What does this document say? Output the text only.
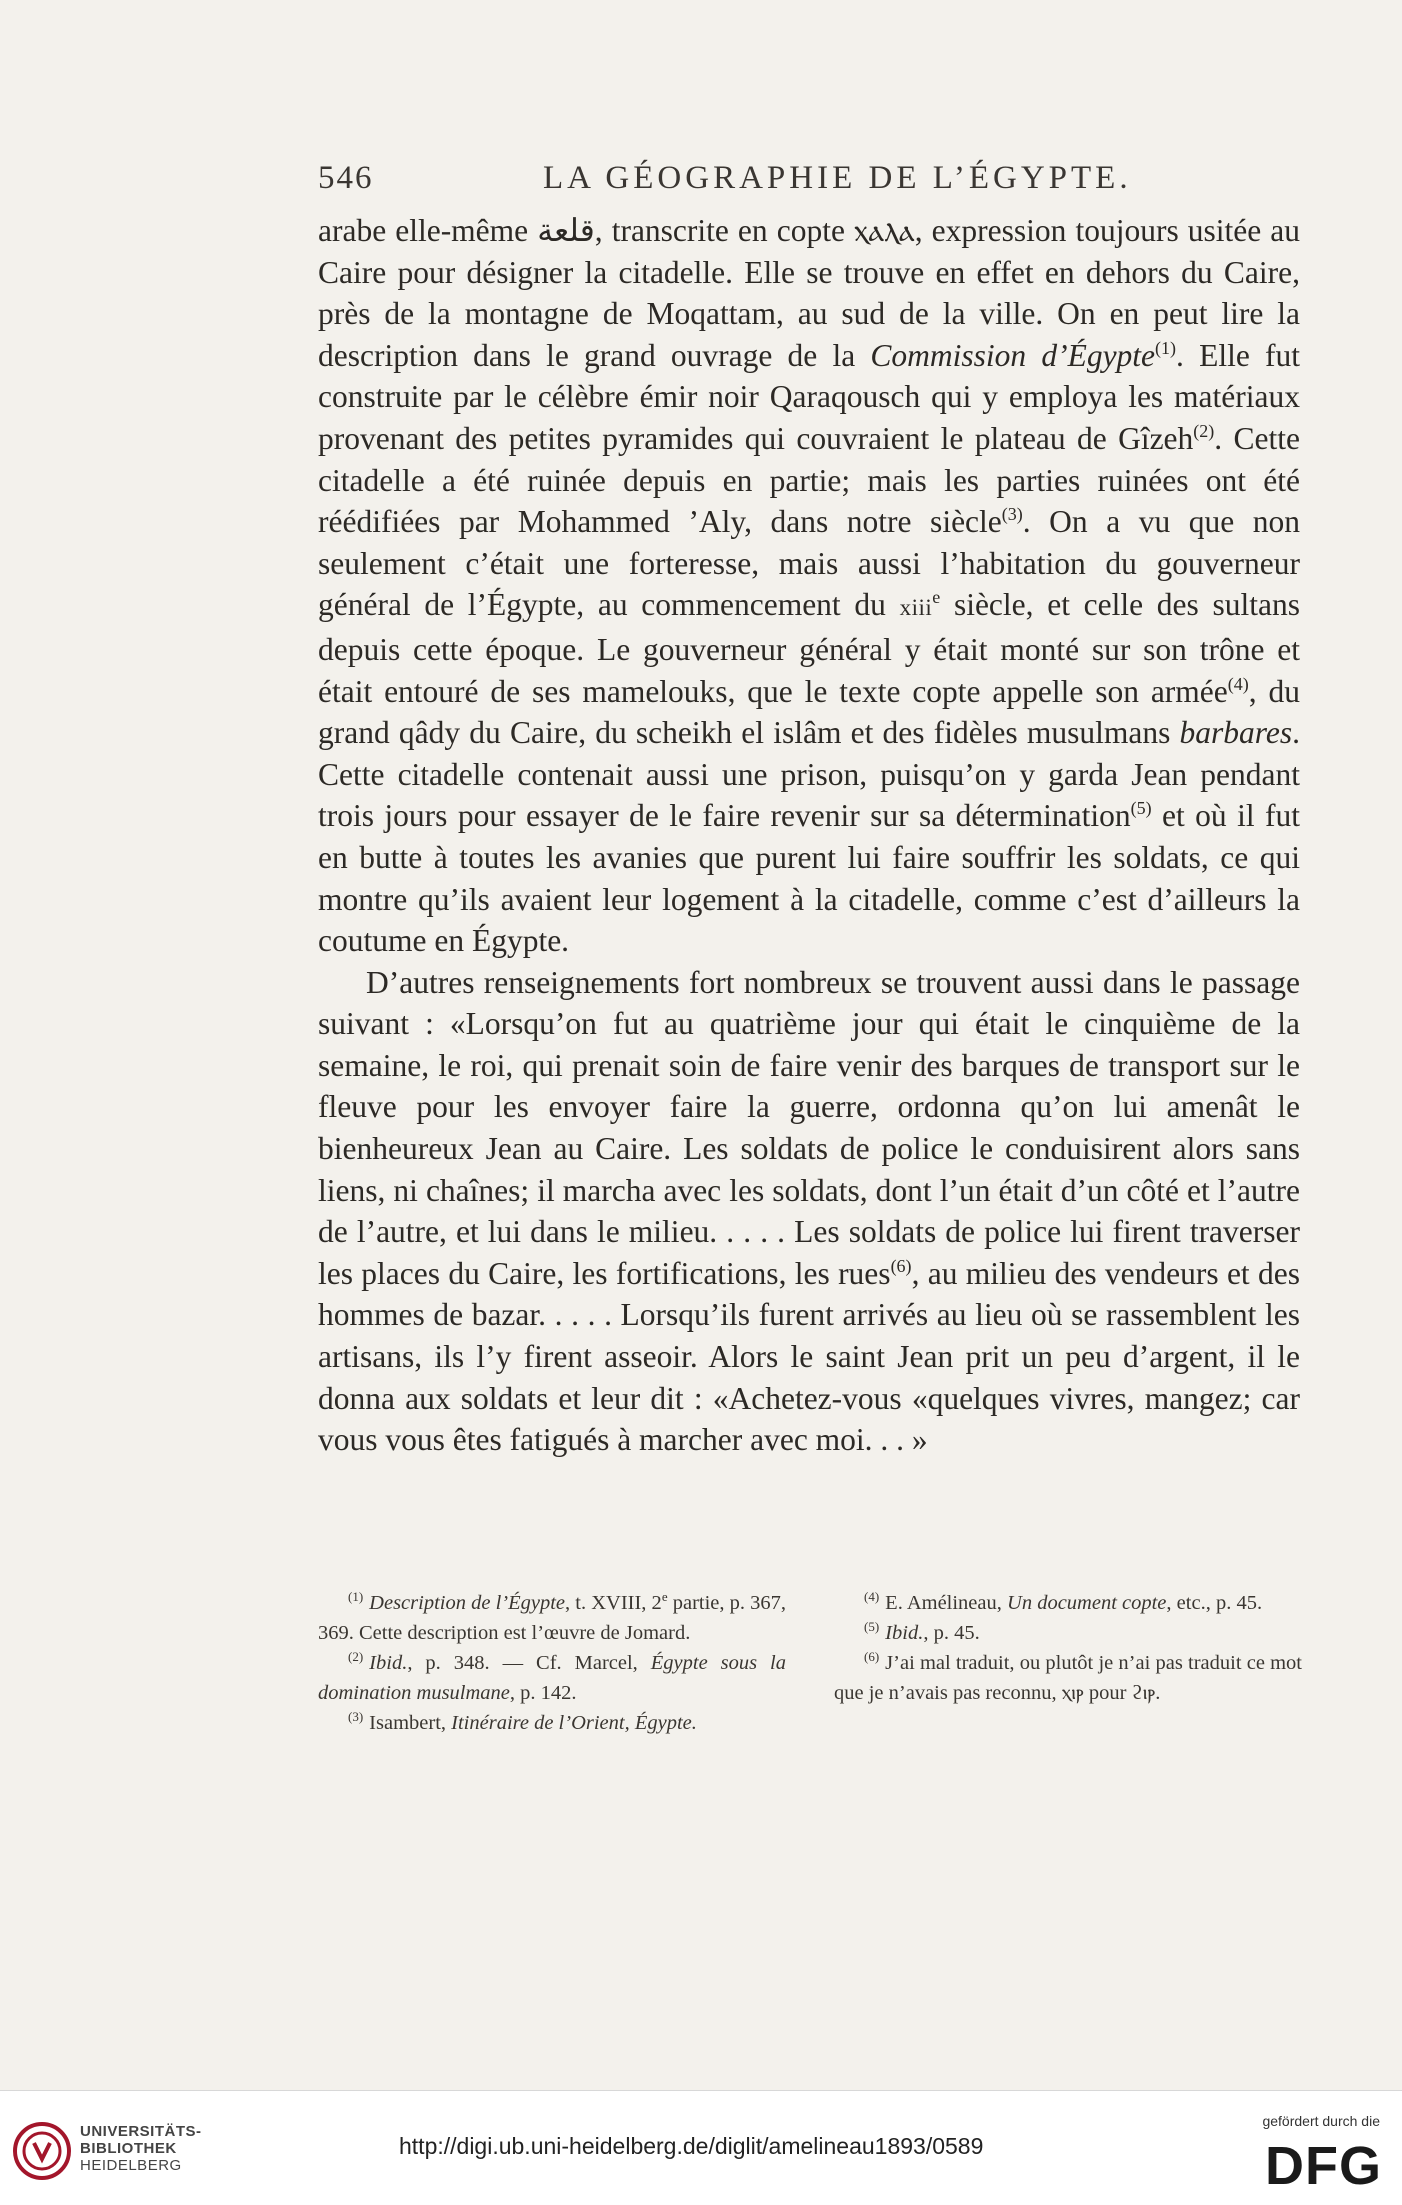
546	LA GÉOGRAPHIE DE L’ÉGYPTE.

arabe elle-même قلعة, transcrite en copte ⲭⲁⲗⲁ, expression toujours usitée au Caire pour désigner la citadelle. Elle se trouve en effet en dehors du Caire, près de la montagne de Moqattam, au sud de la ville. On en peut lire la description dans le grand ouvrage de la Commission d’Égypte$^{(1)}$. Elle fut construite par le célèbre émir noir Qaraqousch qui y employa les matériaux provenant des petites pyramides qui couvraient le plateau de Gîzeh$^{(2)}$. Cette citadelle a été ruinée depuis en partie; mais les parties ruinées ont été réédifiées par Mohammed ’Aly, dans notre siècle$^{(3)}$. On a vu que non seulement c’était une forteresse, mais aussi l’habitation du gouverneur général de l’Égypte, au commencement du xiii$^e$ siècle, et celle des sultans depuis cette époque. Le gouverneur général y était monté sur son trône et était entouré de ses mamelouks, que le texte copte appelle son armée$^{(4)}$, du grand qâdy du Caire, du scheikh el islâm et des fidèles musulmans barbares. Cette citadelle contenait aussi une prison, puisqu’on y garda Jean pendant trois jours pour essayer de le faire revenir sur sa détermination$^{(5)}$ et où il fut en butte à toutes les avanies que purent lui faire souffrir les soldats, ce qui montre qu’ils avaient leur logement à la citadelle, comme c’est d’ailleurs la coutume en Égypte.

D’autres renseignements fort nombreux se trouvent aussi dans le passage suivant : «Lorsqu’on fut au quatrième jour qui était le cinquième de la semaine, le roi, qui prenait soin de faire venir des barques de transport sur le fleuve pour les envoyer faire la guerre, ordonna qu’on lui amenât le bienheureux Jean au Caire. Les soldats de police le conduisirent alors sans liens, ni chaînes; il marcha avec les soldats, dont l’un était d’un côté et l’autre de l’autre, et lui dans le milieu. . . . . Les soldats de police lui firent traverser les places du Caire, les fortifications, les rues$^{(6)}$, au milieu des vendeurs et des hommes de bazar. . . . . Lorsqu’ils furent arrivés au lieu où se rassemblent les artisans, ils l’y firent asseoir. Alors le saint Jean prit un peu d’argent, il le donna aux soldats et leur dit : «Achetez-vous «quelques vivres, mangez; car vous vous êtes fatigués à marcher avec moi. . . »

$^{(1)}$ Description de l’Égypte, t. XVIII, 2e partie, p. 367, 369. Cette description est l’œuvre de Jomard.

$^{(2)}$ Ibid., p. 348. — Cf. Marcel, Égypte sous la domination musulmane, p. 142.

$^{(3)}$ Isambert, Itinéraire de l’Orient, Égypte.

$^{(4)}$ E. Amélineau, Un document copte, etc., p. 45.

$^{(5)}$ Ibid., p. 45.

$^{(6)}$ J’ai mal traduit, ou plutôt je n’ai pas traduit ce mot que je n’avais pas reconnu, ⲭⲓⲣ pour ϩⲓⲣ.

UNIVERSITÄTS-
BIBLIOTHEK
HEIDELBERG
http://digi.ub.uni-heidelberg.de/diglit/amelineau1893/0589
gefördert durch die
DFG
